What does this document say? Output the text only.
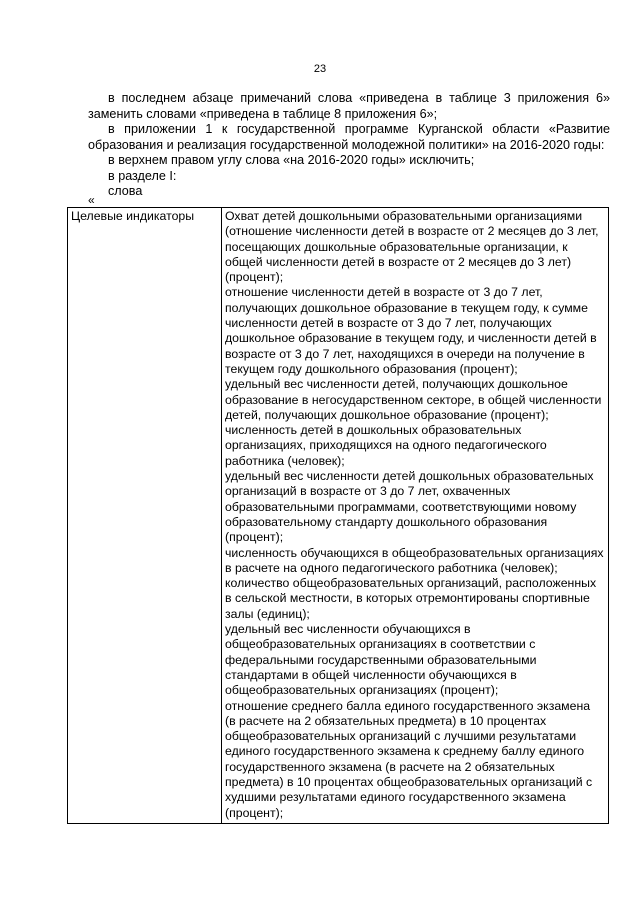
23

в последнем абзаце примечаний слова «приведена в таблице 3 приложения 6» заменить словами «приведена в таблице 8 приложения 6»;

в приложении 1 к государственной программе Курганской области «Развитие образования и реализация государственной молодежной политики» на 2016-2020 годы:

в верхнем правом углу слова «на 2016-2020 годы» исключить;

в разделе I:

слова

«
Целевые индикаторы	Охват детей дошкольными образовательными организациями (отношение численности детей в возрасте от 2 месяцев до 3 лет, посещающих дошкольные образовательные организации, к общей численности детей в возрасте от 2 месяцев до 3 лет) (процент);
отношение численности детей в возрасте от 3 до 7 лет, получающих дошкольное образование в текущем году, к сумме численности детей в возрасте от 3 до 7 лет, получающих дошкольное образование в текущем году, и численности детей в возрасте от 3 до 7 лет, находящихся в очереди на получение в текущем году дошкольного образования (процент);
удельный вес численности детей, получающих дошкольное образование в негосударственном секторе, в общей численности детей, получающих дошкольное образование (процент);
численность детей в дошкольных образовательных организациях, приходящихся на одного педагогического работника (человек);
удельный вес численности детей дошкольных образовательных организаций в возрасте от 3 до 7 лет, охваченных образовательными программами, соответствующими новому образовательному стандарту дошкольного образования (процент);
численность обучающихся в общеобразовательных организациях в расчете на одного педагогического работника (человек);
количество общеобразовательных организаций, расположенных в сельской местности, в которых отремонтированы спортивные залы (единиц);
удельный вес численности обучающихся в общеобразовательных организациях в соответствии с федеральными государственными образовательными стандартами в общей численности обучающихся в общеобразовательных организациях (процент);
отношение среднего балла единого государственного экзамена (в расчете на 2 обязательных предмета) в 10 процентах общеобразовательных организаций с лучшими результатами единого государственного экзамена к среднему баллу единого государственного экзамена (в расчете на 2 обязательных предмета) в 10 процентах общеобразовательных организаций с худшими результатами единого государственного экзамена (процент);
